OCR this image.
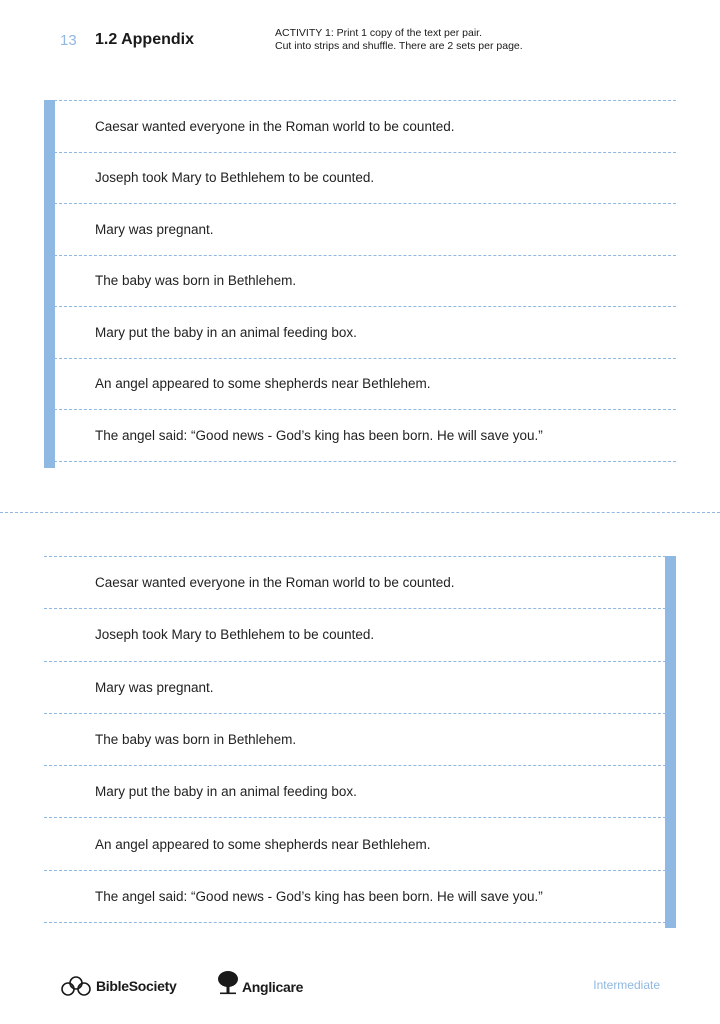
13 1.2 Appendix	ACTIVITY 1: Print 1 copy of the text per pair.
Cut into strips and shuffle. There are 2 sets per page.
Caesar wanted everyone in the Roman world to be counted.
Joseph took Mary to Bethlehem to be counted.
Mary was pregnant.
The baby was born in Bethlehem.
Mary put the baby in an animal feeding box.
An angel appeared to some shepherds near Bethlehem.
The angel said: “Good news - God’s king has been born. He will save you.”
Caesar wanted everyone in the Roman world to be counted.
Joseph took Mary to Bethlehem to be counted.
Mary was pregnant.
The baby was born in Bethlehem.
Mary put the baby in an animal feeding box.
An angel appeared to some shepherds near Bethlehem.
The angel said: “Good news - God’s king has been born. He will save you.”
BibleSociety	Anglicare	Intermediate
